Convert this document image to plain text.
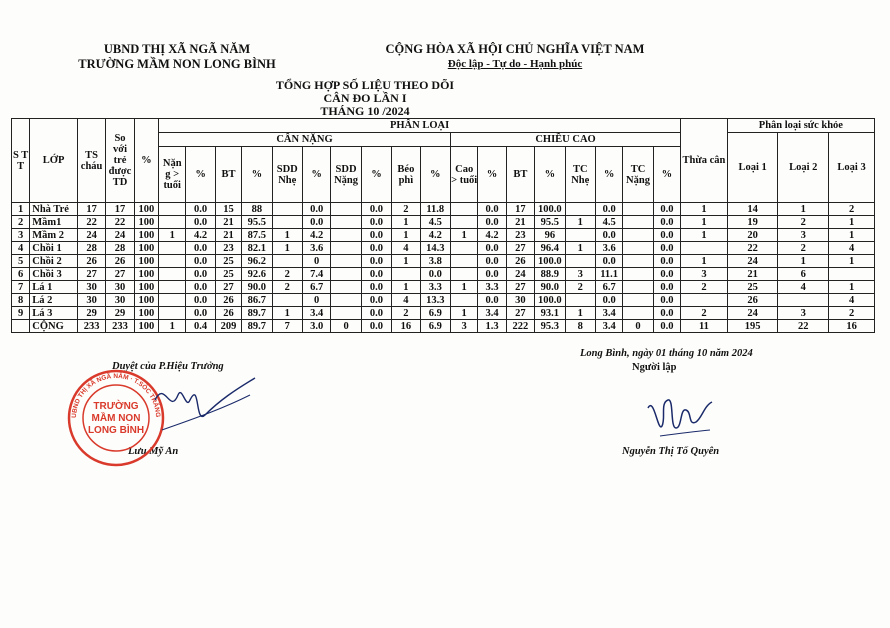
UBND THỊ XÃ NGÃ NĂM
TRƯỜNG MẦM NON LONG BÌNH
CỘNG HÒA XÃ HỘI CHỦ NGHĨA VIỆT NAM
Độc lập - Tự do - Hạnh phúc
TỔNG HỢP SỐ LIỆU THEO DÕI
CÂN ĐO LẦN I
THÁNG 10 /2024
S T T	LỚP	TS cháu	So với trẻ được TD	%	PHÂN LOẠI																		Thừa cân	Phân loại sức khỏe		
					CÂN NẶNG										CHIỀU CAO									Loại 1	Loại 2	Loại 3
					Nặn g > tuổi	%	BT	%	SDD Nhẹ	%	SDD Nặng	%	Béo phì	%	Cao > tuổi	%	BT	%	TC Nhẹ	%	TC Nặng	%				
1	Nhà Trẻ	17	17	100		0.0	15	88		0.0		0.0	2	11.8		0.0	17	100.0		0.0		0.0	1	14	1	2
2	Mầm1	22	22	100		0.0	21	95.5		0.0		0.0	1	4.5		0.0	21	95.5	1	4.5		0.0	1	19	2	1
3	Mầm 2	24	24	100	1	4.2	21	87.5	1	4.2		0.0	1	4.2	1	4.2	23	96		0.0		0.0	1	20	3	1
4	Chồi 1	28	28	100		0.0	23	82.1	1	3.6		0.0	4	14.3		0.0	27	96.4	1	3.6		0.0		22	2	4
5	Chồi 2	26	26	100		0.0	25	96.2		0		0.0	1	3.8		0.0	26	100.0		0.0		0.0	1	24	1	1
6	Chồi 3	27	27	100		0.0	25	92.6	2	7.4		0.0		0.0		0.0	24	88.9	3	11.1		0.0	3	21	6	
7	Lá 1	30	30	100		0.0	27	90.0	2	6.7		0.0	1	3.3	1	3.3	27	90.0	2	6.7		0.0	2	25	4	1
8	Lá 2	30	30	100		0.0	26	86.7		0		0.0	4	13.3		0.0	30	100.0		0.0		0.0		26		4
9	Lá 3	29	29	100		0.0	26	89.7	1	3.4		0.0	2	6.9	1	3.4	27	93.1	1	3.4		0.0	2	24	3	2
	CỘNG	233	233	100	1	0.4	209	89.7	7	3.0	0	0.0	16	6.9	3	1.3	222	95.3	8	3.4	0	0.0	11	195	22	16
Duyệt của P.Hiệu Trưởng
Lưu Mỹ An
Long Bình, ngày 01 tháng 10 năm 2024
Người lập
Nguyễn Thị Tố Quyên
UBND THỊ XÃ NGÃ NĂM · T.SÓC TRĂNG
TRƯỜNG
MẦM NON
LONG BÌNH
